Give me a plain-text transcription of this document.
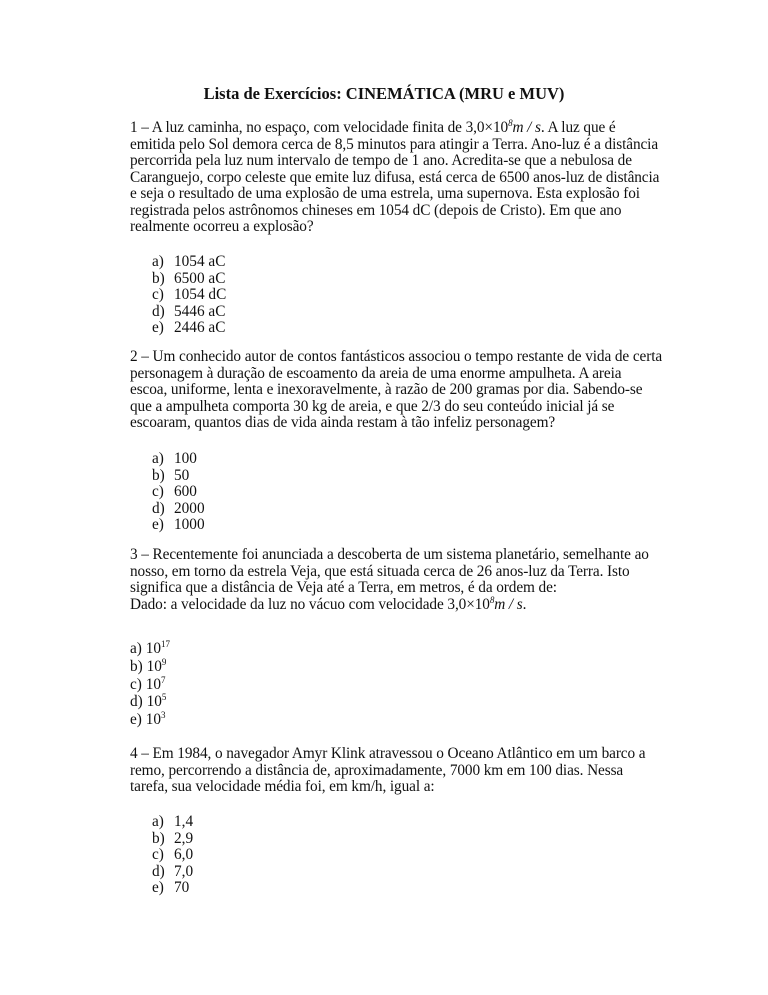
Lista de Exercícios: CINEMÁTICA (MRU e MUV)
1 – A luz caminha, no espaço, com velocidade finita de $3,0\times 10^8m / s$. A luz que é
emitida pelo Sol demora cerca de 8,5 minutos para atingir a Terra. Ano-luz é a distância
percorrida pela luz num intervalo de tempo de 1 ano. Acredita-se que a nebulosa de
Caranguejo, corpo celeste que emite luz difusa, está cerca de 6500 anos-luz de distância
e seja o resultado de uma explosão de uma estrela, uma supernova. Esta explosão foi
registrada pelos astrônomos chineses em 1054 dC (depois de Cristo). Em que ano
realmente ocorreu a explosão?
a) 1054 aC
b) 6500 aC
c) 1054 dC
d) 5446 aC
e) 2446 aC
2 – Um conhecido autor de contos fantásticos associou o tempo restante de vida de certa
personagem à duração de escoamento da areia de uma enorme ampulheta. A areia
escoa, uniforme, lenta e inexoravelmente, à razão de 200 gramas por dia. Sabendo-se
que a ampulheta comporta 30 kg de areia, e que 2/3 do seu conteúdo inicial já se
escoaram, quantos dias de vida ainda restam à tão infeliz personagem?
a) 100
b) 50
c) 600
d) 2000
e) 1000
3 – Recentemente foi anunciada a descoberta de um sistema planetário, semelhante ao
nosso, em torno da estrela Veja, que está situada cerca de 26 anos-luz da Terra. Isto
significa que a distância de Veja até a Terra, em metros, é da ordem de:
Dado: a velocidade da luz no vácuo com velocidade $3,0\times 10^8m / s$.
a) $10^{17}$
b) $10^9$
c) $10^7$
d) $10^5$
e) $10^3$
4 – Em 1984, o navegador Amyr Klink atravessou o Oceano Atlântico em um barco a
remo, percorrendo a distância de, aproximadamente, 7000 km em 100 dias. Nessa
tarefa, sua velocidade média foi, em km/h, igual a:
a) 1,4
b) 2,9
c) 6,0
d) 7,0
e) 70
